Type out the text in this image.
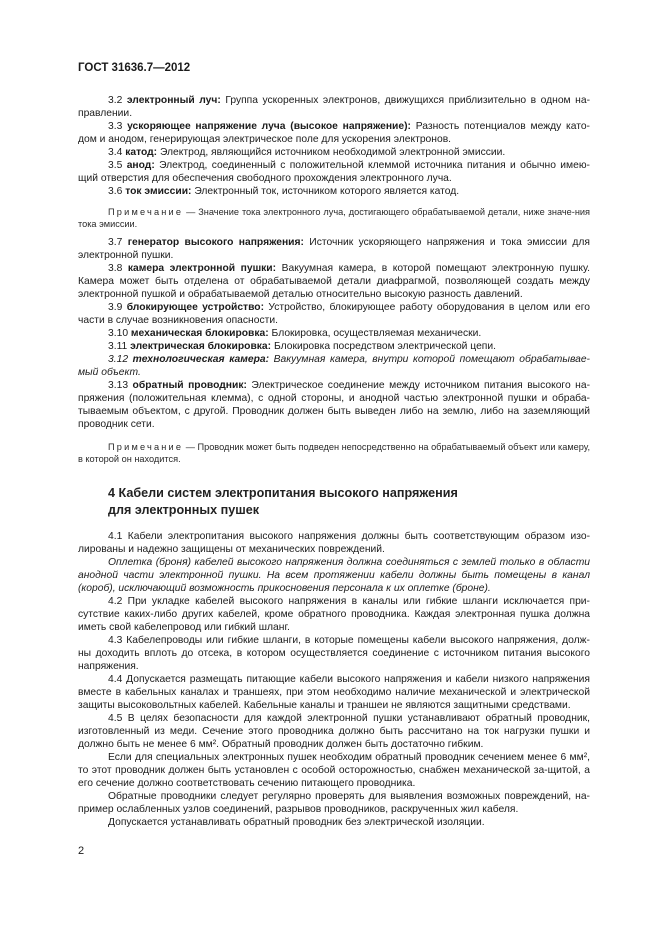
ГОСТ 31636.7—2012

3.2 электронный луч: Группа ускоренных электронов, движущихся приблизительно в одном на-правлении.

3.3 ускоряющее напряжение луча (высокое напряжение): Разность потенциалов между като-дом и анодом, генерирующая электрическое поле для ускорения электронов.

3.4 катод: Электрод, являющийся источником необходимой электронной эмиссии.

3.5 анод: Электрод, соединенный с положительной клеммой источника питания и обычно имею-щий отверстия для обеспечения свободного прохождения электронного луча.

3.6 ток эмиссии: Электронный ток, источником которого является катод.

Примечание — Значение тока электронного луча, достигающего обрабатываемой детали, ниже значе-ния тока эмиссии.

3.7 генератор высокого напряжения: Источник ускоряющего напряжения и тока эмиссии для электронной пушки.

3.8 камера электронной пушки: Вакуумная камера, в которой помещают электронную пушку. Камера может быть отделена от обрабатываемой детали диафрагмой, позволяющей создать между электронной пушкой и обрабатываемой деталью относительно высокую разность давлений.

3.9 блокирующее устройство: Устройство, блокирующее работу оборудования в целом или его части в случае возникновения опасности.

3.10 механическая блокировка: Блокировка, осуществляемая механически.

3.11 электрическая блокировка: Блокировка посредством электрической цепи.

3.12 технологическая камера: Вакуумная камера, внутри которой помещают обрабатывае-мый объект.

3.13 обратный проводник: Электрическое соединение между источником питания высокого на-пряжения (положительная клемма), с одной стороны, и анодной частью электронной пушки и обраба-тываемым объектом, с другой. Проводник должен быть выведен либо на землю, либо на заземляющий проводник сети.

Примечание — Проводник может быть подведен непосредственно на обрабатываемый объект или камеру, в которой он находится.

4 Кабели систем электропитания высокого напряжения
для электронных пушек

4.1 Кабели электропитания высокого напряжения должны быть соответствующим образом изо-лированы и надежно защищены от механических повреждений.

Оплетка (броня) кабелей высокого напряжения должна соединяться с землей только в области анодной части электронной пушки. На всем протяжении кабели должны быть помещены в канал (короб), исключающий возможность прикосновения персонала к их оплетке (броне).

4.2 При укладке кабелей высокого напряжения в каналы или гибкие шланги исключается при-сутствие каких-либо других кабелей, кроме обратного проводника. Каждая электронная пушка должна иметь свой кабелепровод или гибкий шланг.

4.3 Кабелепроводы или гибкие шланги, в которые помещены кабели высокого напряжения, долж-ны доходить вплоть до отсека, в котором осуществляется соединение с источником питания высокого напряжения.

4.4 Допускается размещать питающие кабели высокого напряжения и кабели низкого напряжения вместе в кабельных каналах и траншеях, при этом необходимо наличие механической и электрической защиты высоковольтных кабелей. Кабельные каналы и траншеи не являются защитными средствами.

4.5 В целях безопасности для каждой электронной пушки устанавливают обратный проводник, изготовленный из меди. Сечение этого проводника должно быть рассчитано на ток нагрузки пушки и должно быть не менее 6 мм². Обратный проводник должен быть достаточно гибким.

Если для специальных электронных пушек необходим обратный проводник сечением менее 6 мм², то этот проводник должен быть установлен с особой осторожностью, снабжен механической за-щитой, а его сечение должно соответствовать сечению питающего проводника.

Обратные проводники следует регулярно проверять для выявления возможных повреждений, на-пример ослабленных узлов соединений, разрывов проводников, раскрученных жил кабеля.

Допускается устанавливать обратный проводник без электрической изоляции.

2
